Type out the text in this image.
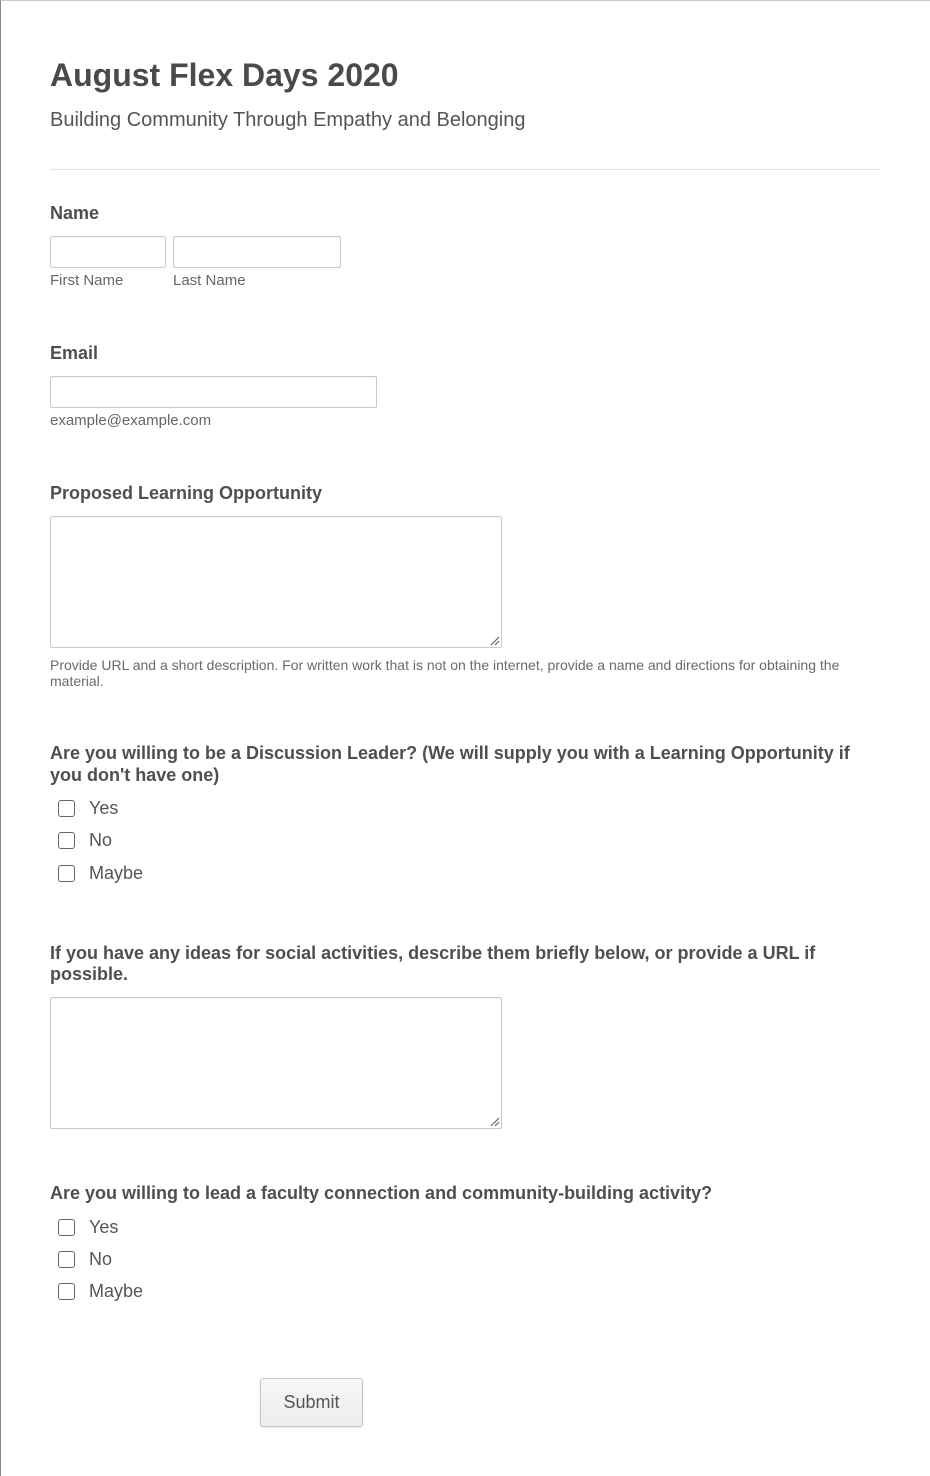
August Flex Days 2020
Building Community Through Empathy and Belonging
Name
First Name	Last Name
Email
example@example.com
Proposed Learning Opportunity
Provide URL and a short description. For written work that is not on the internet, provide a name and directions for obtaining the material.
Are you willing to be a Discussion Leader? (We will supply you with a Learning Opportunity if you don't have one)
Yes
No
Maybe
If you have any ideas for social activities, describe them briefly below, or provide a URL if possible.
Are you willing to lead a faculty connection and community-building activity?
Yes
No
Maybe
Submit
